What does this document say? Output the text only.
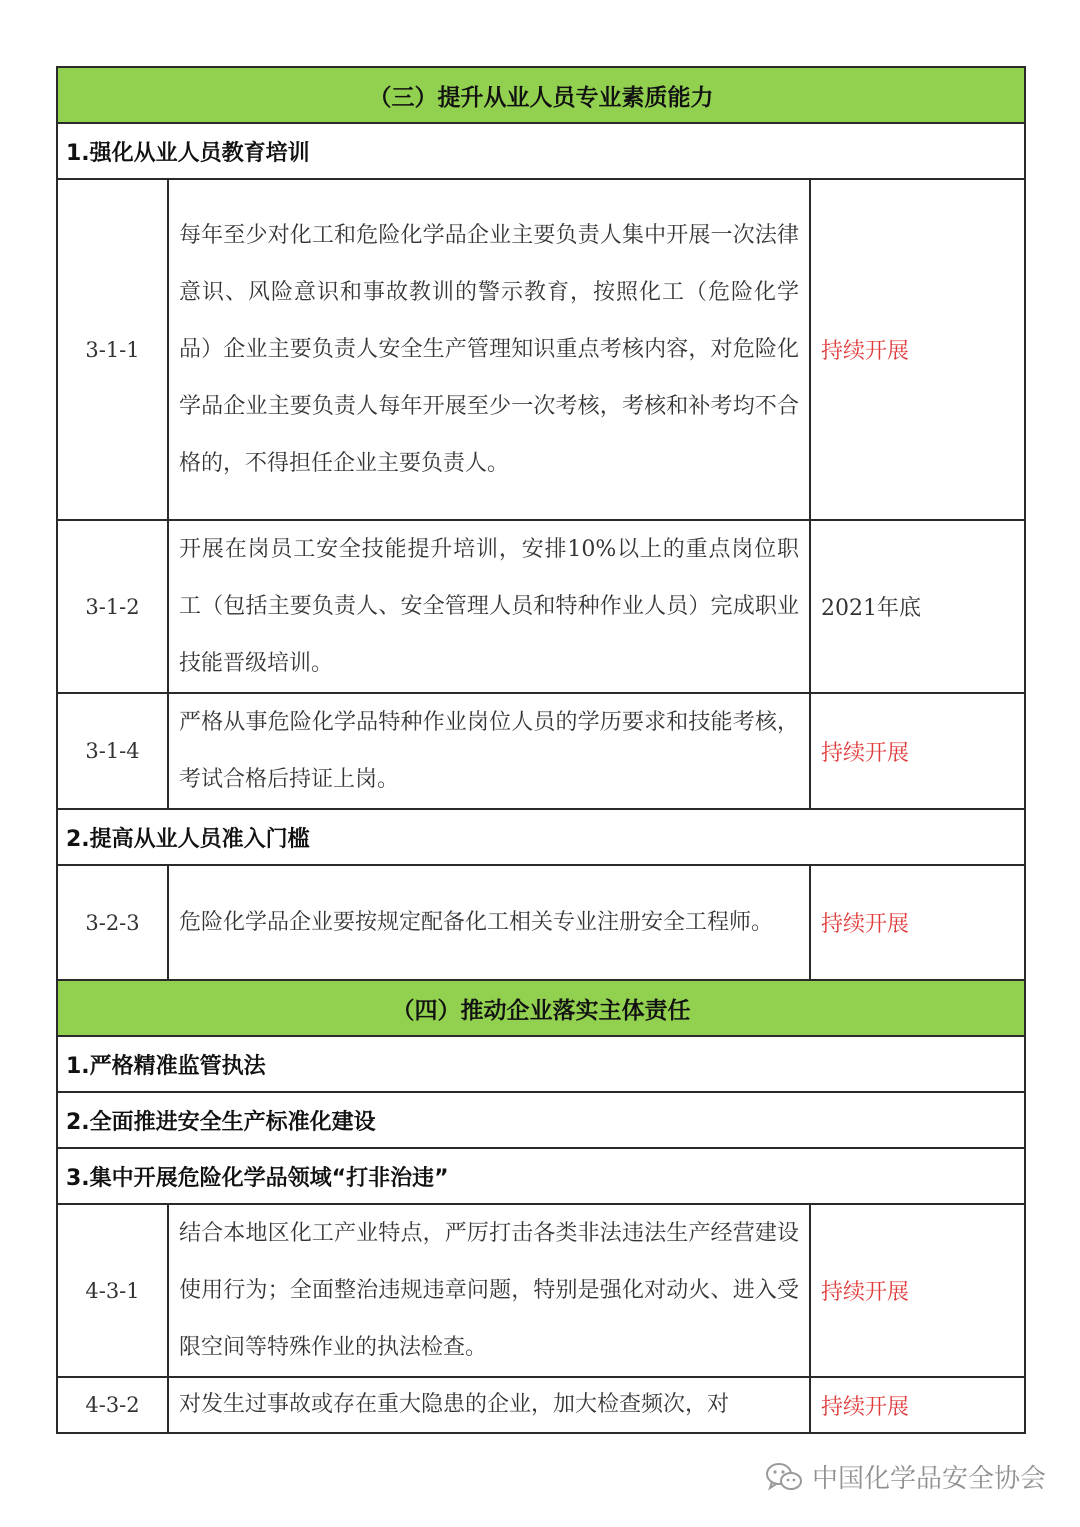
（三）提升从业人员专业素质能力		
1.强化从业人员教育培训		
3-1-1	每年至少对化工和危险化学品企业主要负责人集中开展一次法律意识、风险意识和事故教训的警示教育，按照化工（危险化学品）企业主要负责人安全生产管理知识重点考核内容，对危险化学品企业主要负责人每年开展至少一次考核，考核和补考均不合格的，不得担任企业主要负责人。	持续开展
3-1-2	开展在岗员工安全技能提升培训，安排10%以上的重点岗位职工（包括主要负责人、安全管理人员和特种作业人员）完成职业技能晋级培训。	2021年底
3-1-4	严格从事危险化学品特种作业岗位人员的学历要求和技能考核，考试合格后持证上岗。	持续开展
2.提高从业人员准入门槛		
3-2-3	危险化学品企业要按规定配备化工相关专业注册安全工程师。	持续开展
（四）推动企业落实主体责任		
1.严格精准监管执法		
2.全面推进安全生产标准化建设		
3.集中开展危险化学品领域“打非治违”		
4-3-1	结合本地区化工产业特点，严厉打击各类非法违法生产经营建设使用行为；全面整治违规违章问题，特别是强化对动火、进入受限空间等特殊作业的执法检查。	持续开展
4-3-2	对发生过事故或存在重大隐患的企业，加大检查频次，对	持续开展
中国化学品安全协会
